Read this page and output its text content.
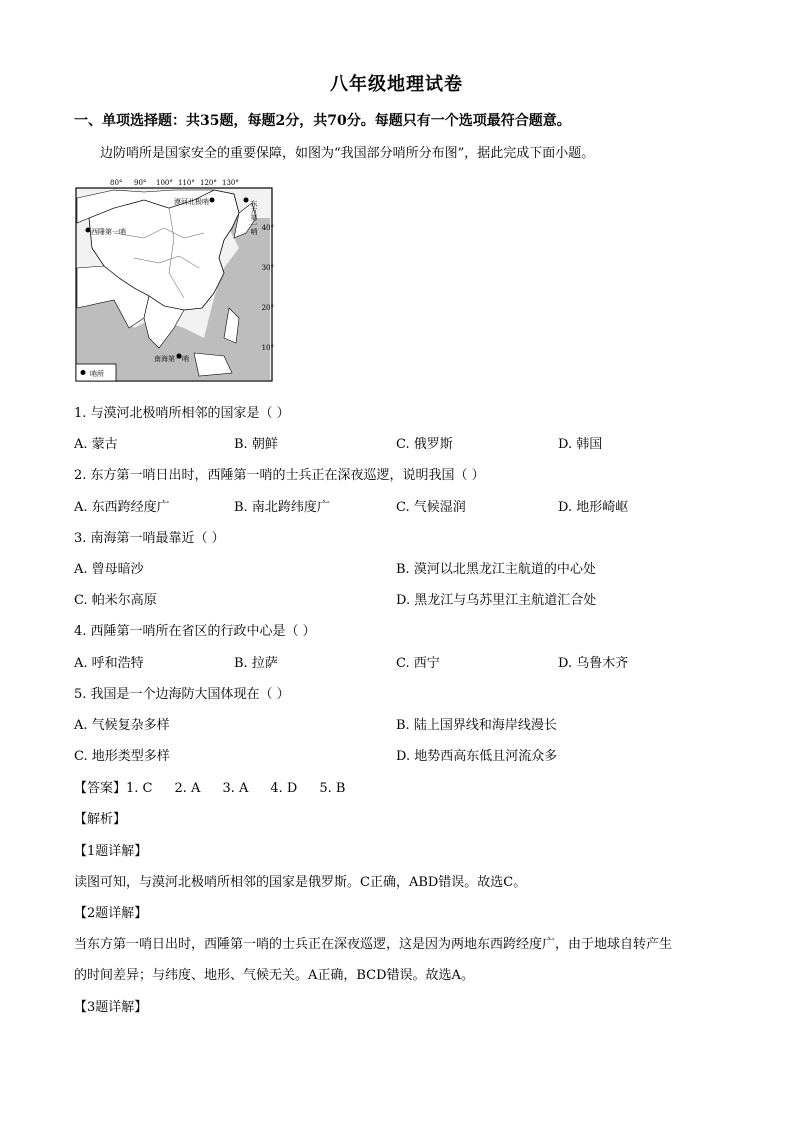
八年级地理试卷
一、单项选择题：共35题，每题2分，共70分。每题只有一个选项最符合题意。
边防哨所是国家安全的重要保障，如图为“我国部分哨所分布图”，据此完成下面小题。
80° 90° 100° 110° 120° 130°
40°
30°
20°
10°
漠河北极哨
西陲第一哨	东方第一哨
南海第一哨
哨所
1. 与漠河北极哨所相邻的国家是（ ）
A. 蒙古	B. 朝鲜	C. 俄罗斯	D. 韩国
2. 东方第一哨日出时，西陲第一哨的士兵正在深夜巡逻，说明我国（ ）
A. 东西跨经度广	B. 南北跨纬度广	C. 气候湿润	D. 地形崎岖
3. 南海第一哨最靠近（ ）
A. 曾母暗沙	B. 漠河以北黑龙江主航道的中心处
C. 帕米尔高原	D. 黑龙江与乌苏里江主航道汇合处
4. 西陲第一哨所在省区的行政中心是（ ）
A. 呼和浩特	B. 拉萨	C. 西宁	D. 乌鲁木齐
5. 我国是一个边海防大国体现在（ ）
A. 气候复杂多样	B. 陆上国界线和海岸线漫长
C. 地形类型多样	D. 地势西高东低且河流众多
【答案】1. C 2. A 3. A 4. D 5. B
【解析】
【1题详解】
读图可知，与漠河北极哨所相邻的国家是俄罗斯。C正确，ABD错误。故选C。
【2题详解】
当东方第一哨日出时，西陲第一哨的士兵正在深夜巡逻，这是因为两地东西跨经度广，由于地球自转产生
的时间差异；与纬度、地形、气候无关。A正确，BCD错误。故选A。
【3题详解】
